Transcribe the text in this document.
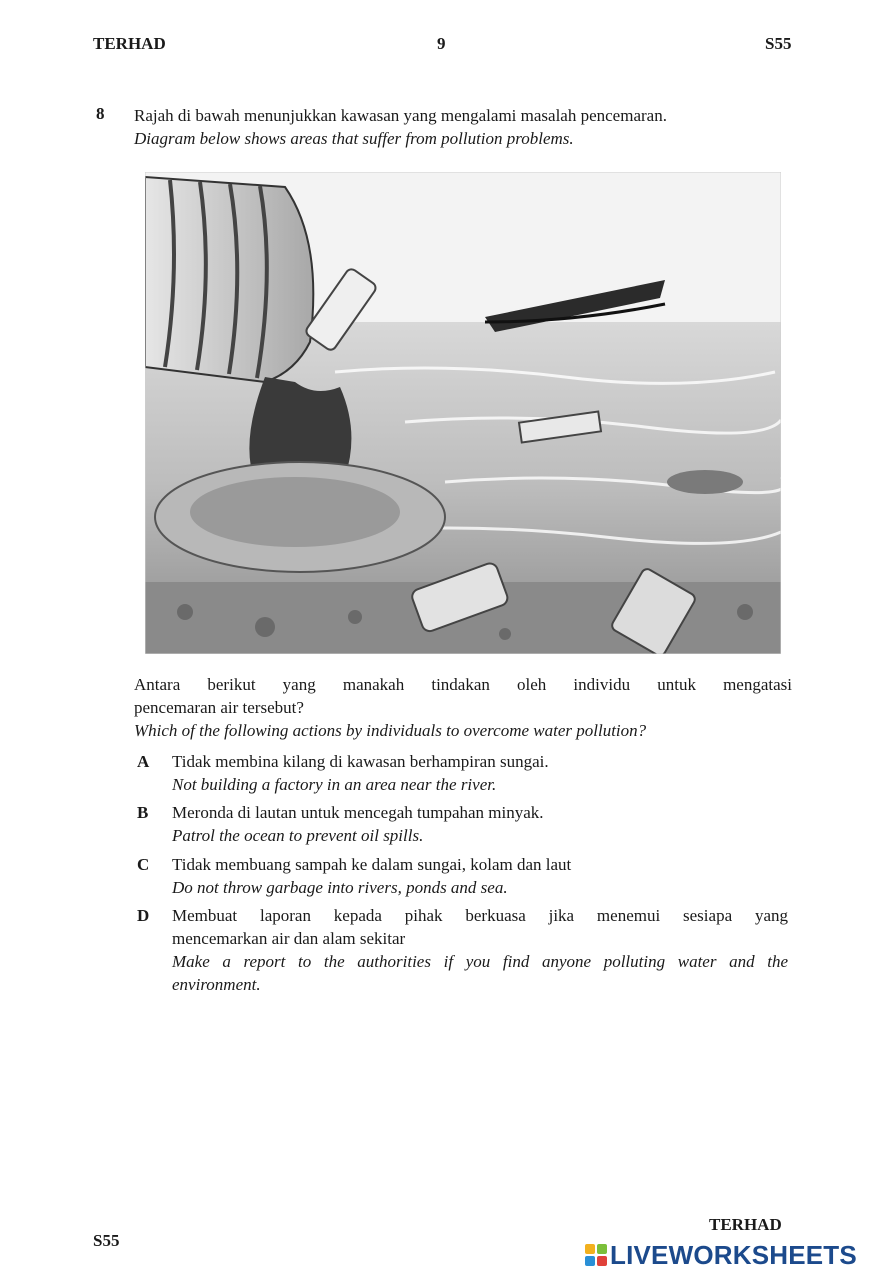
TERHAD	9	S55
8 Rajah di bawah menunjukkan kawasan yang mengalami masalah pencemaran.
Diagram below shows areas that suffer from pollution problems.
Antara berikut yang manakah tindakan oleh individu untuk mengatasi
pencemaran air tersebut?
Which of the following actions by individuals to overcome water pollution?
A Tidak membina kilang di kawasan berhampiran sungai.
Not building a factory in an area near the river.
B Meronda di lautan untuk mencegah tumpahan minyak.
Patrol the ocean to prevent oil spills.
C Tidak membuang sampah ke dalam sungai, kolam dan laut
Do not throw garbage into rivers, ponds and sea.
D Membuat laporan kepada pihak berkuasa jika menemui sesiapa yang
mencemarkan air dan alam sekitar
Make a report to the authorities if you find anyone polluting water and the
environment.
S55
TERHAD
LIVEWORKSHEETS
